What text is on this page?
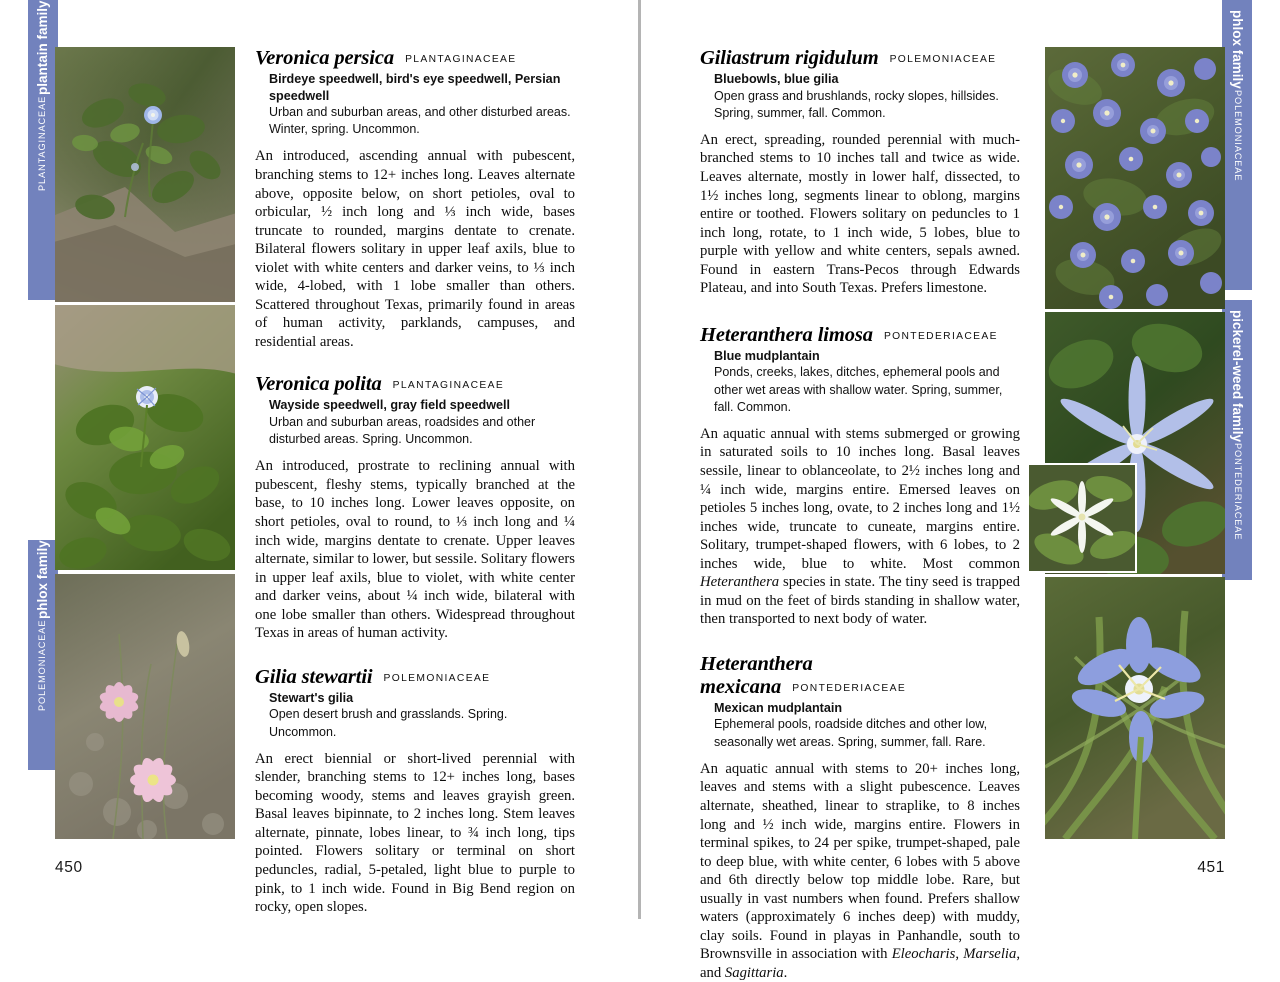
PLANTAGINACEAE
plantain family
POLEMONIACEAE
phlox family
phlox family
POLEMONIACEAE
pickerel-weed family
PONTEDERIACEAE
Veronica persica PLANTAGINACEAE
Birdeye speedwell, bird's eye speedwell, Persian speedwell
Urban and suburban areas, and other disturbed areas. Winter, spring. Uncommon.
An introduced, ascending annual with pubescent, branching stems to 12+ inches long. Leaves alternate above, opposite below, on short petioles, oval to orbicular, ½ inch long and ⅓ inch wide, bases truncate to rounded, margins dentate to crenate. Bilateral flowers solitary in upper leaf axils, blue to violet with white centers and darker veins, to ⅓ inch wide, 4-lobed, with 1 lobe smaller than others. Scattered throughout Texas, primarily found in areas of human activity, parklands, campuses, and residential areas.
Veronica polita PLANTAGINACEAE
Wayside speedwell, gray field speedwell
Urban and suburban areas, roadsides and other disturbed areas. Spring. Uncommon.
An introduced, prostrate to reclining annual with pubescent, fleshy stems, typically branched at the base, to 10 inches long. Lower leaves opposite, on short petioles, oval to round, to ⅓ inch long and ¼ inch wide, margins dentate to crenate. Upper leaves alternate, similar to lower, but sessile. Solitary flowers in upper leaf axils, blue to violet, with white center and darker veins, about ¼ inch wide, bilateral with one lobe smaller than others. Widespread throughout Texas in areas of human activity.
Gilia stewartii POLEMONIACEAE
Stewart's gilia
Open desert brush and grasslands. Spring. Uncommon.
An erect biennial or short-lived perennial with slender, branching stems to 12+ inches long, bases becoming woody, stems and leaves grayish green. Basal leaves bipinnate, to 2 inches long. Stem leaves alternate, pinnate, lobes linear, to ¾ inch long, tips pointed. Flowers solitary or terminal on short peduncles, radial, 5-petaled, light blue to purple to pink, to 1 inch wide. Found in Big Bend region on rocky, open slopes.
450
Giliastrum rigidulum POLEMONIACEAE
Bluebowls, blue gilia
Open grass and brushlands, rocky slopes, hillsides. Spring, summer, fall. Common.
An erect, spreading, rounded perennial with much-branched stems to 10 inches tall and twice as wide. Leaves alternate, mostly in lower half, dissected, to 1½ inches long, segments linear to oblong, margins entire or toothed. Flowers solitary on peduncles to 1 inch long, rotate, to 1 inch wide, 5 lobes, blue to purple with yellow and white centers, sepals awned. Found in eastern Trans-Pecos through Edwards Plateau, and into South Texas. Prefers limestone.
Heteranthera limosa PONTEDERIACEAE
Blue mudplantain
Ponds, creeks, lakes, ditches, ephemeral pools and other wet areas with shallow water. Spring, summer, fall. Common.
An aquatic annual with stems submerged or growing in saturated soils to 10 inches long. Basal leaves sessile, linear to oblanceolate, to 2½ inches long and ¼ inch wide, margins entire. Emersed leaves on petioles 5 inches long, ovate, to 2 inches long and 1½ inches wide, truncate to cuneate, margins entire. Solitary, trumpet-shaped flowers, with 6 lobes, to 2 inches wide, blue to white. Most common Heteranthera species in state. The tiny seed is trapped in mud on the feet of birds standing in shallow water, then transported to next body of water.
Heteranthera mexicana PONTEDERIACEAE
Mexican mudplantain
Ephemeral pools, roadside ditches and other low, seasonally wet areas. Spring, summer, fall. Rare.
An aquatic annual with stems to 20+ inches long, leaves and stems with a slight pubescence. Leaves alternate, sheathed, linear to straplike, to 8 inches long and ½ inch wide, margins entire. Flowers in terminal spikes, to 24 per spike, trumpet-shaped, pale to deep blue, with white center, 6 lobes with 5 above and 6th directly below top middle lobe. Rare, but usually in vast numbers when found. Prefers shallow waters (approximately 6 inches deep) with muddy, clay soils. Found in playas in Panhandle, south to Brownsville in association with Eleocharis, Marselia, and Sagittaria.
451
